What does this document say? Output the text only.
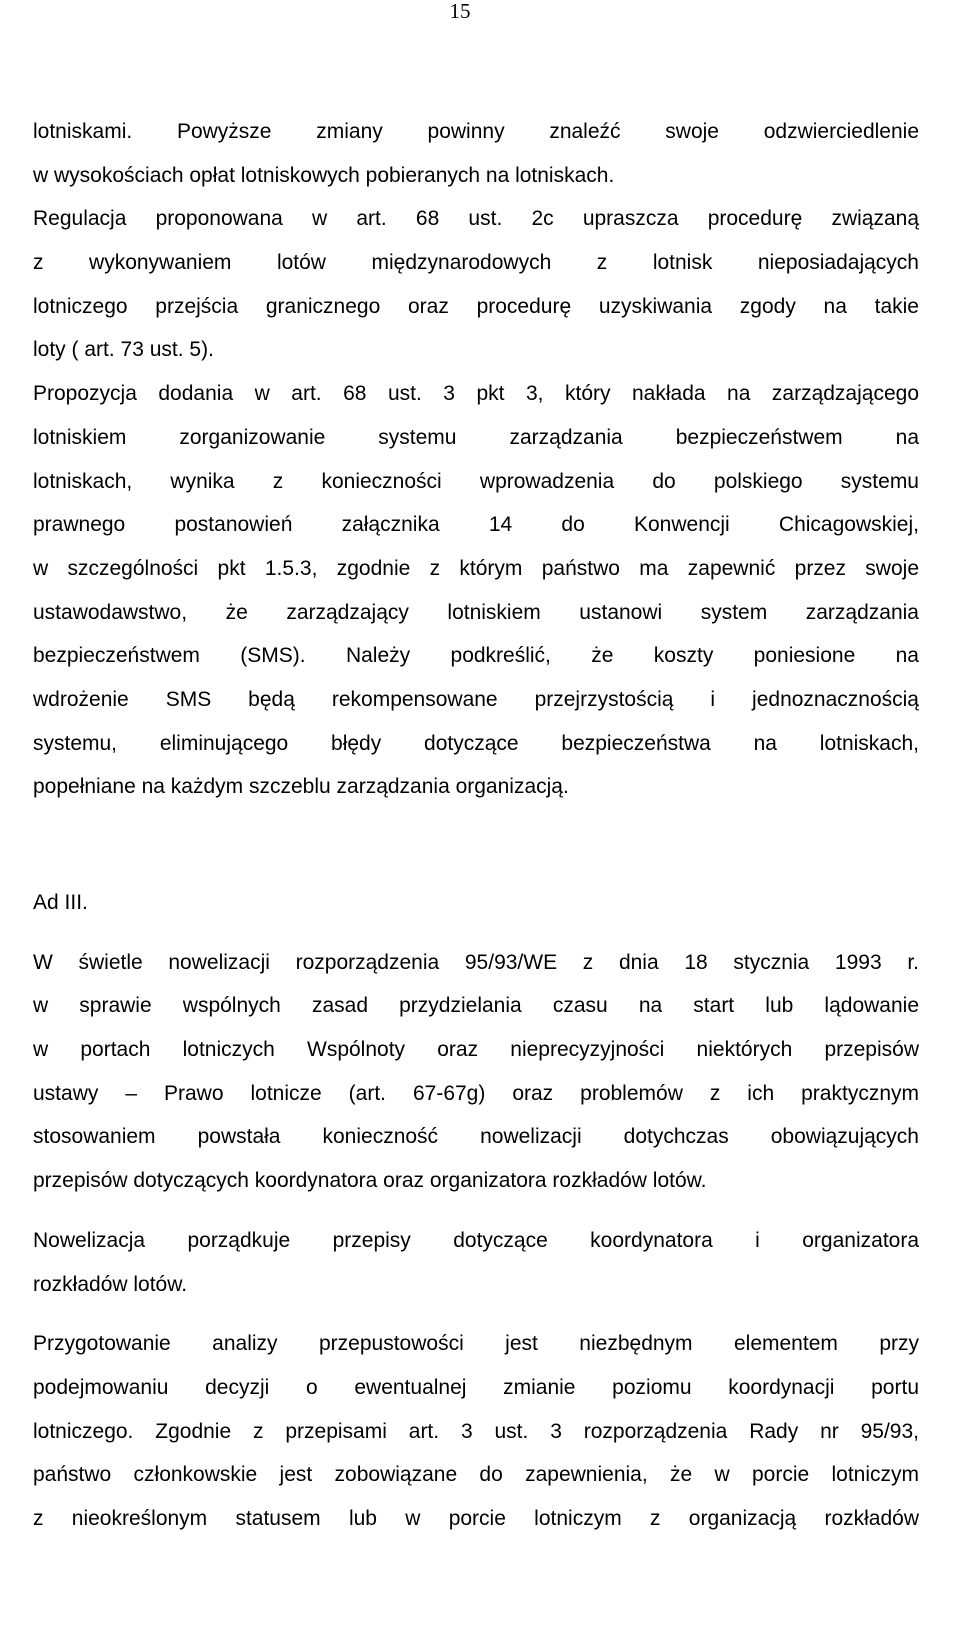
15
lotniskami. Powyższe zmiany powinny znaleźć swoje odzwierciedlenie
w wysokościach opłat lotniskowych pobieranych na lotniskach.
Regulacja proponowana w art. 68 ust. 2c upraszcza procedurę związaną
z wykonywaniem lotów międzynarodowych z lotnisk nieposiadających
lotniczego przejścia granicznego oraz procedurę uzyskiwania zgody na takie
loty ( art. 73 ust. 5).
Propozycja dodania w art. 68 ust. 3 pkt 3, który nakłada na zarządzającego
lotniskiem zorganizowanie systemu zarządzania bezpieczeństwem na
lotniskach, wynika z konieczności wprowadzenia do polskiego systemu
prawnego postanowień załącznika 14 do Konwencji Chicagowskiej,
w szczególności pkt 1.5.3, zgodnie z którym państwo ma zapewnić przez swoje
ustawodawstwo, że zarządzający lotniskiem ustanowi system zarządzania
bezpieczeństwem (SMS). Należy podkreślić, że koszty poniesione na
wdrożenie SMS będą rekompensowane przejrzystością i jednoznacznością
systemu, eliminującego błędy dotyczące bezpieczeństwa na lotniskach,
popełniane na każdym szczeblu zarządzania organizacją.
Ad III.
W świetle nowelizacji rozporządzenia 95/93/WE z dnia 18 stycznia 1993 r.
w sprawie wspólnych zasad przydzielania czasu na start lub lądowanie
w portach lotniczych Wspólnoty oraz nieprecyzyjności niektórych przepisów
ustawy – Prawo lotnicze (art. 67-67g) oraz problemów z ich praktycznym
stosowaniem powstała konieczność nowelizacji dotychczas obowiązujących
przepisów dotyczących koordynatora oraz organizatora rozkładów lotów.
Nowelizacja porządkuje przepisy dotyczące koordynatora i organizatora
rozkładów lotów.
Przygotowanie analizy przepustowości jest niezbędnym elementem przy
podejmowaniu decyzji o ewentualnej zmianie poziomu koordynacji portu
lotniczego. Zgodnie z przepisami art. 3 ust. 3 rozporządzenia Rady nr 95/93,
państwo członkowskie jest zobowiązane do zapewnienia, że w porcie lotniczym
z nieokreślonym statusem lub w porcie lotniczym z organizacją rozkładów
